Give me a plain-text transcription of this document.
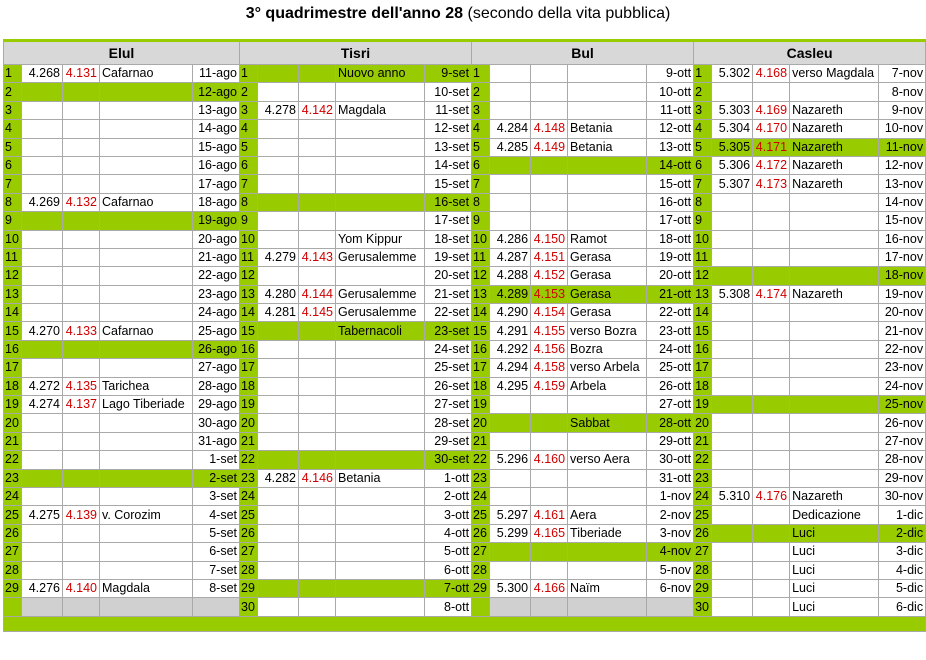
3° quadrimestre dell'anno 28 (secondo della vita pubblica)
Elul					Tisri					Bul					Casleu				
1	4.268	4.131	Cafarnao	11-ago	1			Nuovo anno	9-set	1				9-ott	1	5.302	4.168	verso Magdala	7-nov
2				12-ago	2				10-set	2				10-ott	2				8-nov
3				13-ago	3	4.278	4.142	Magdala	11-set	3				11-ott	3	5.303	4.169	Nazareth	9-nov
4				14-ago	4				12-set	4	4.284	4.148	Betania	12-ott	4	5.304	4.170	Nazareth	10-nov
5				15-ago	5				13-set	5	4.285	4.149	Betania	13-ott	5	5.305	4.171	Nazareth	11-nov
6				16-ago	6				14-set	6				14-ott	6	5.306	4.172	Nazareth	12-nov
7				17-ago	7				15-set	7				15-ott	7	5.307	4.173	Nazareth	13-nov
8	4.269	4.132	Cafarnao	18-ago	8				16-set	8				16-ott	8				14-nov
9				19-ago	9				17-set	9				17-ott	9				15-nov
10				20-ago	10			Yom Kippur	18-set	10	4.286	4.150	Ramot	18-ott	10				16-nov
11				21-ago	11	4.279	4.143	Gerusalemme	19-set	11	4.287	4.151	Gerasa	19-ott	11				17-nov
12				22-ago	12				20-set	12	4.288	4.152	Gerasa	20-ott	12				18-nov
13				23-ago	13	4.280	4.144	Gerusalemme	21-set	13	4.289	4.153	Gerasa	21-ott	13	5.308	4.174	Nazareth	19-nov
14				24-ago	14	4.281	4.145	Gerusalemme	22-set	14	4.290	4.154	Gerasa	22-ott	14				20-nov
15	4.270	4.133	Cafarnao	25-ago	15			Tabernacoli	23-set	15	4.291	4.155	verso Bozra	23-ott	15				21-nov
16				26-ago	16				24-set	16	4.292	4.156	Bozra	24-ott	16				22-nov
17				27-ago	17				25-set	17	4.294	4.158	verso Arbela	25-ott	17				23-nov
18	4.272	4.135	Tarichea	28-ago	18				26-set	18	4.295	4.159	Arbela	26-ott	18				24-nov
19	4.274	4.137	Lago Tiberiade	29-ago	19				27-set	19				27-ott	19				25-nov
20				30-ago	20				28-set	20			Sabbat	28-ott	20				26-nov
21				31-ago	21				29-set	21				29-ott	21				27-nov
22				1-set	22				30-set	22	5.296	4.160	verso Aera	30-ott	22				28-nov
23				2-set	23	4.282	4.146	Betania	1-ott	23				31-ott	23				29-nov
24				3-set	24				2-ott	24				1-nov	24	5.310	4.176	Nazareth	30-nov
25	4.275	4.139	v. Corozim	4-set	25				3-ott	25	5.297	4.161	Aera	2-nov	25			Dedicazione	1-dic
26				5-set	26				4-ott	26	5.299	4.165	Tiberiade	3-nov	26			Luci	2-dic
27				6-set	27				5-ott	27				4-nov	27			Luci	3-dic
28				7-set	28				6-ott	28				5-nov	28			Luci	4-dic
29	4.276	4.140	Magdala	8-set	29				7-ott	29	5.300	4.166	Naïm	6-nov	29			Luci	5-dic
					30				8-ott						30			Luci	6-dic
